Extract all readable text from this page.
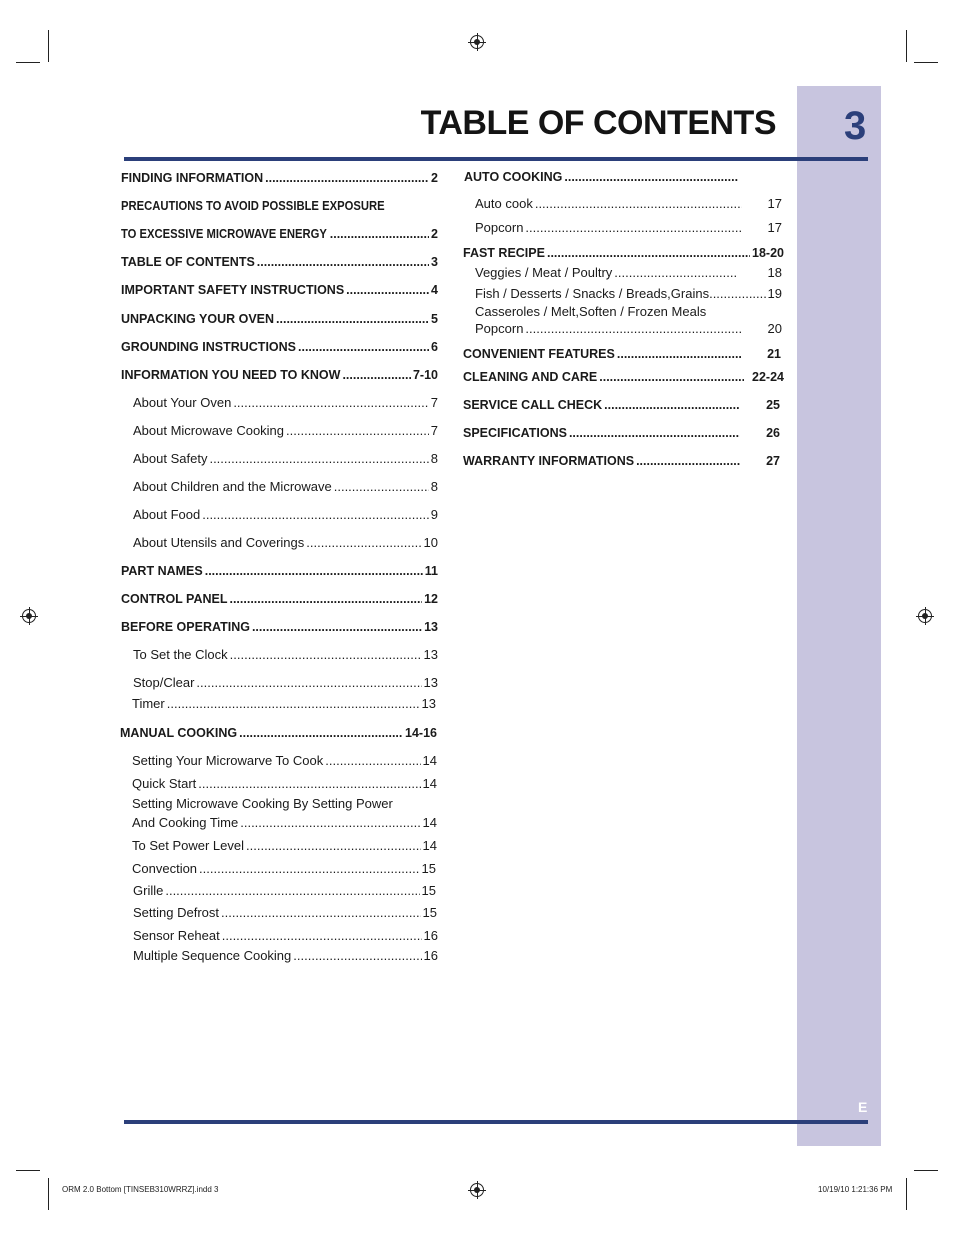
3
E
TABLE OF CONTENTS
FINDING INFORMATION .....	2
PRECAUTIONS TO AVOID POSSIBLE EXPOSURE
TO EXCESSIVE MICROWAVE ENERGY .....	2
TABLE OF CONTENTS .....	3
IMPORTANT SAFETY INSTRUCTIONS .....	4
UNPACKING YOUR OVEN .....	5
GROUNDING INSTRUCTIONS .....	6
INFORMATION YOU NEED TO KNOW .....	7-10
About Your Oven .....	7
About Microwave Cooking .....	7
About Safety .....	8
About Children and the Microwave .....	8
About Food .....	9
About Utensils and Coverings .....	10
PART NAMES .....	11
CONTROL PANEL .....	12
BEFORE OPERATING .....	13
To Set the Clock .....	13
Stop/Clear .....	13
Timer .....	13
MANUAL COOKING .....	14-16
Setting Your Microwarve To Cook .....	14
Quick Start .....	14
Setting Microwave Cooking By Setting Power
And Cooking Time .....	14
To Set Power Level .....	14
Convection .....	15
Grille .....	15
Setting Defrost .....	15
Sensor Reheat .....	16
Multiple Sequence Cooking .....	16
AUTO COOKING
.....
Auto cook .....	17
Popcorn .....	17
FAST RECIPE .....	18-20
Veggies / Meat / Poultry .....	18
Fish / Desserts / Snacks / Breads,Grains.... .....	19
Casseroles / Melt,Soften / Frozen Meals
Popcorn .....	20
CONVENIENT FEATURES .....	21
CLEANING AND CARE .....	22-24
SERVICE CALL CHECK .....	25
SPECIFICATIONS .....	26
WARRANTY INFORMATIONS .....	27
ORM 2.0 Bottom [TINSEB310WRRZ].indd 3	10/19/10 1:21:36 PM
